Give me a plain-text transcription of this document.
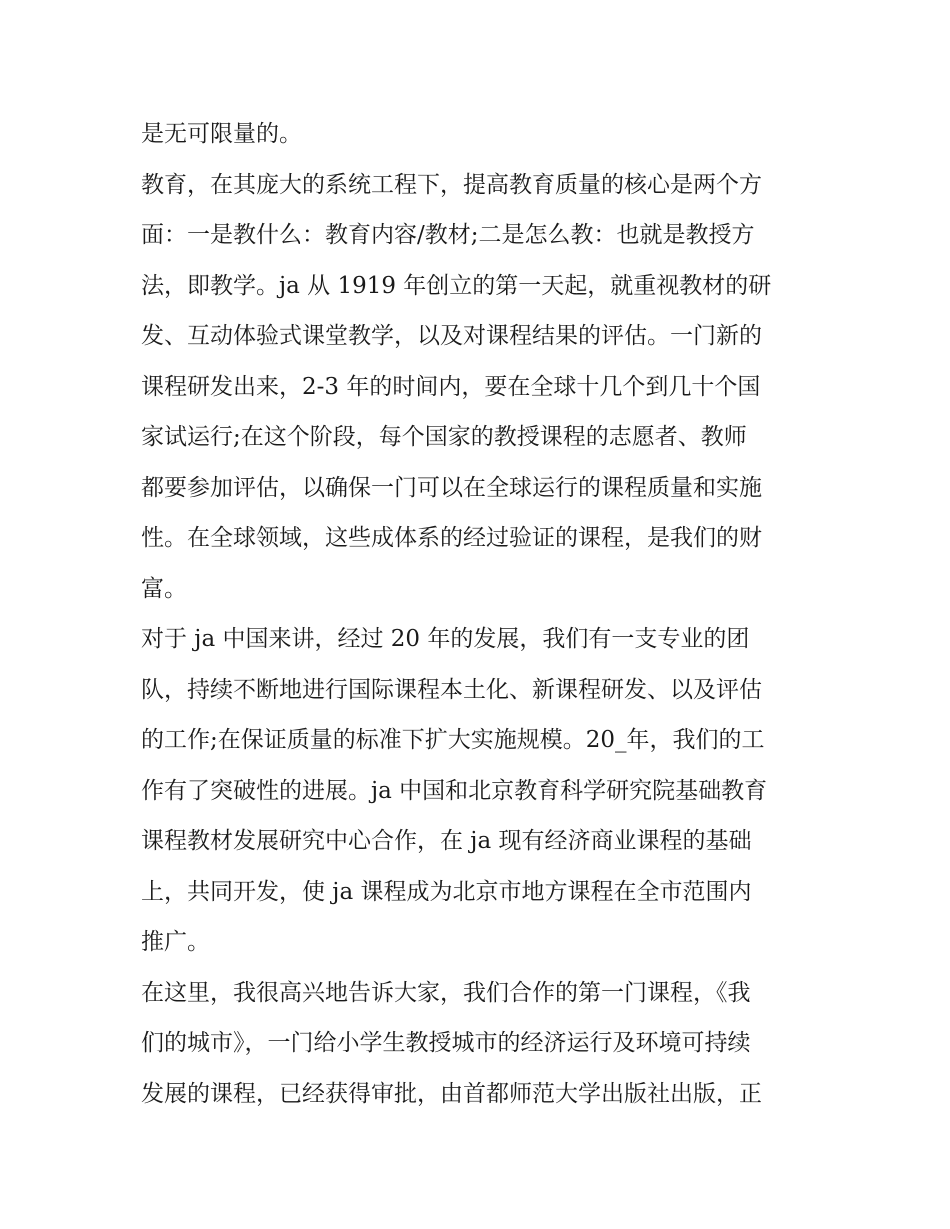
是无可限量的。
教育，在其庞大的系统工程下，提高教育质量的核心是两个方
面：一是教什么：教育内容/教材;二是怎么教：也就是教授方
法，即教学。ja 从 1919 年创立的第一天起，就重视教材的研
发、互动体验式课堂教学，以及对课程结果的评估。一门新的
课程研发出来，2-3 年的时间内，要在全球十几个到几十个国
家试运行;在这个阶段，每个国家的教授课程的志愿者、教师
都要参加评估，以确保一门可以在全球运行的课程质量和实施
性。在全球领域，这些成体系的经过验证的课程，是我们的财
富。
对于 ja 中国来讲，经过 20 年的发展，我们有一支专业的团
队，持续不断地进行国际课程本土化、新课程研发、以及评估
的工作;在保证质量的标准下扩大实施规模。20_年，我们的工
作有了突破性的进展。ja 中国和北京教育科学研究院基础教育
课程教材发展研究中心合作，在 ja 现有经济商业课程的基础
上，共同开发，使 ja 课程成为北京市地方课程在全市范围内
推广。
在这里，我很高兴地告诉大家，我们合作的第一门课程，《我
们的城市》，一门给小学生教授城市的经济运行及环境可持续
发展的课程，已经获得审批，由首都师范大学出版社出版，正
